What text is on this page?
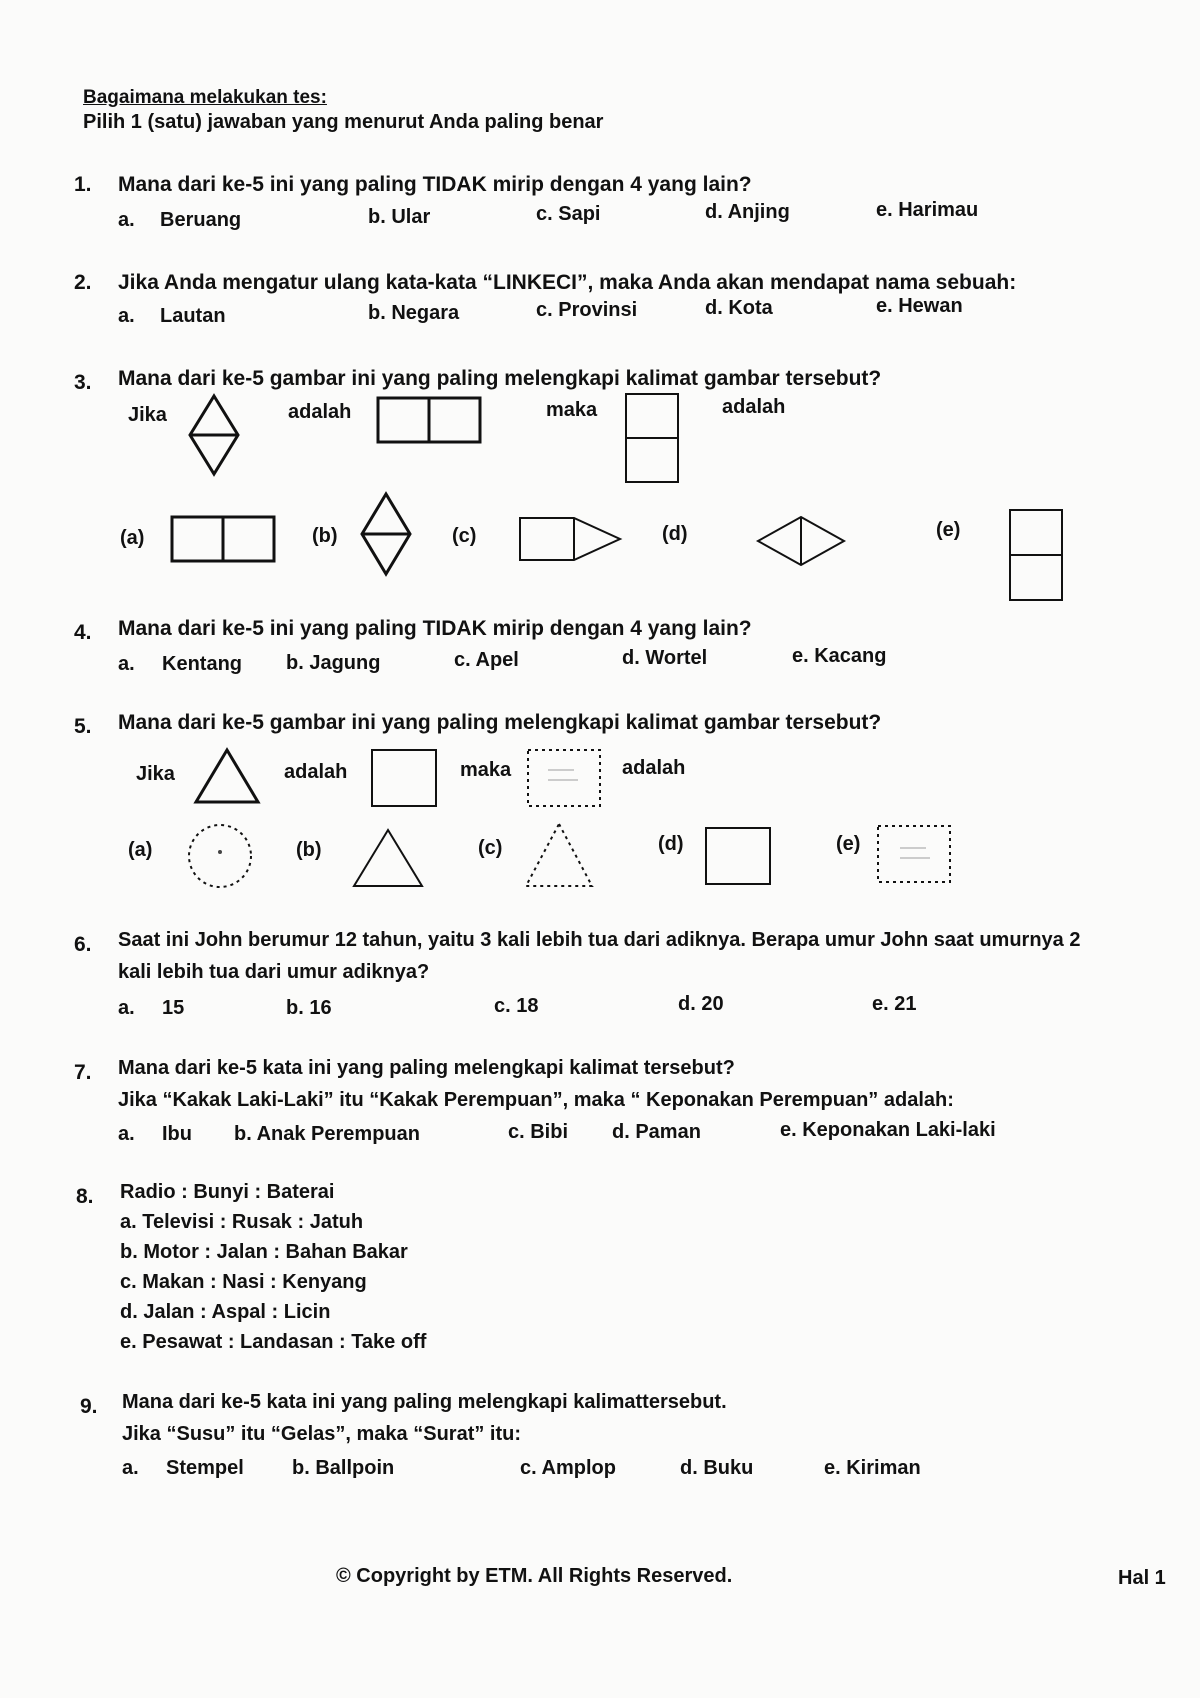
Bagaimana melakukan tes:
Pilih 1 (satu) jawaban yang menurut Anda paling benar
1. Mana dari ke-5 ini yang paling TIDAK mirip dengan 4 yang lain?
a. Beruang	b. Ular	c. Sapi	d. Anjing	e. Harimau
2. Jika Anda mengatur ulang kata-kata “LINKECI”, maka Anda akan mendapat nama sebuah:
a. Lautan	b. Negara	c. Provinsi	d. Kota	e. Hewan
3. Mana dari ke-5 gambar ini yang paling melengkapi kalimat gambar tersebut?
Jika	adalah	maka	adalah
(a)	(b)	(c)	(d)	(e)
4. Mana dari ke-5 ini yang paling TIDAK mirip dengan 4 yang lain?
a. Kentang b. Jagung	c. Apel	d. Wortel	e. Kacang
5. Mana dari ke-5 gambar ini yang paling melengkapi kalimat gambar tersebut?
Jika	adalah	maka	adalah
(a)	(b)	(c)	(d)	(e)
6. Saat ini John berumur 12 tahun, yaitu 3 kali lebih tua dari adiknya. Berapa umur John saat umurnya 2
kali lebih tua dari umur adiknya?
a. 15	b. 16	c. 18	d. 20	e. 21
7. Mana dari ke-5 kata ini yang paling melengkapi kalimat tersebut?
Jika “Kakak Laki-Laki” itu “Kakak Perempuan”, maka “ Keponakan Perempuan” adalah:
a. Ibu b. Anak Perempuan	c. Bibi d. Paman	e. Keponakan Laki-laki
8. Radio : Bunyi : Baterai
a. Televisi : Rusak : Jatuh
b. Motor : Jalan : Bahan Bakar
c. Makan : Nasi : Kenyang
d. Jalan : Aspal : Licin
e. Pesawat : Landasan : Take off
9. Mana dari ke-5 kata ini yang paling melengkapi kalimattersebut.
Jika “Susu” itu “Gelas”, maka “Surat” itu:
a. Stempel b. Ballpoin	c. Amplop	d. Buku	e. Kiriman
© Copyright by ETM. All Rights Reserved.	Hal 1
